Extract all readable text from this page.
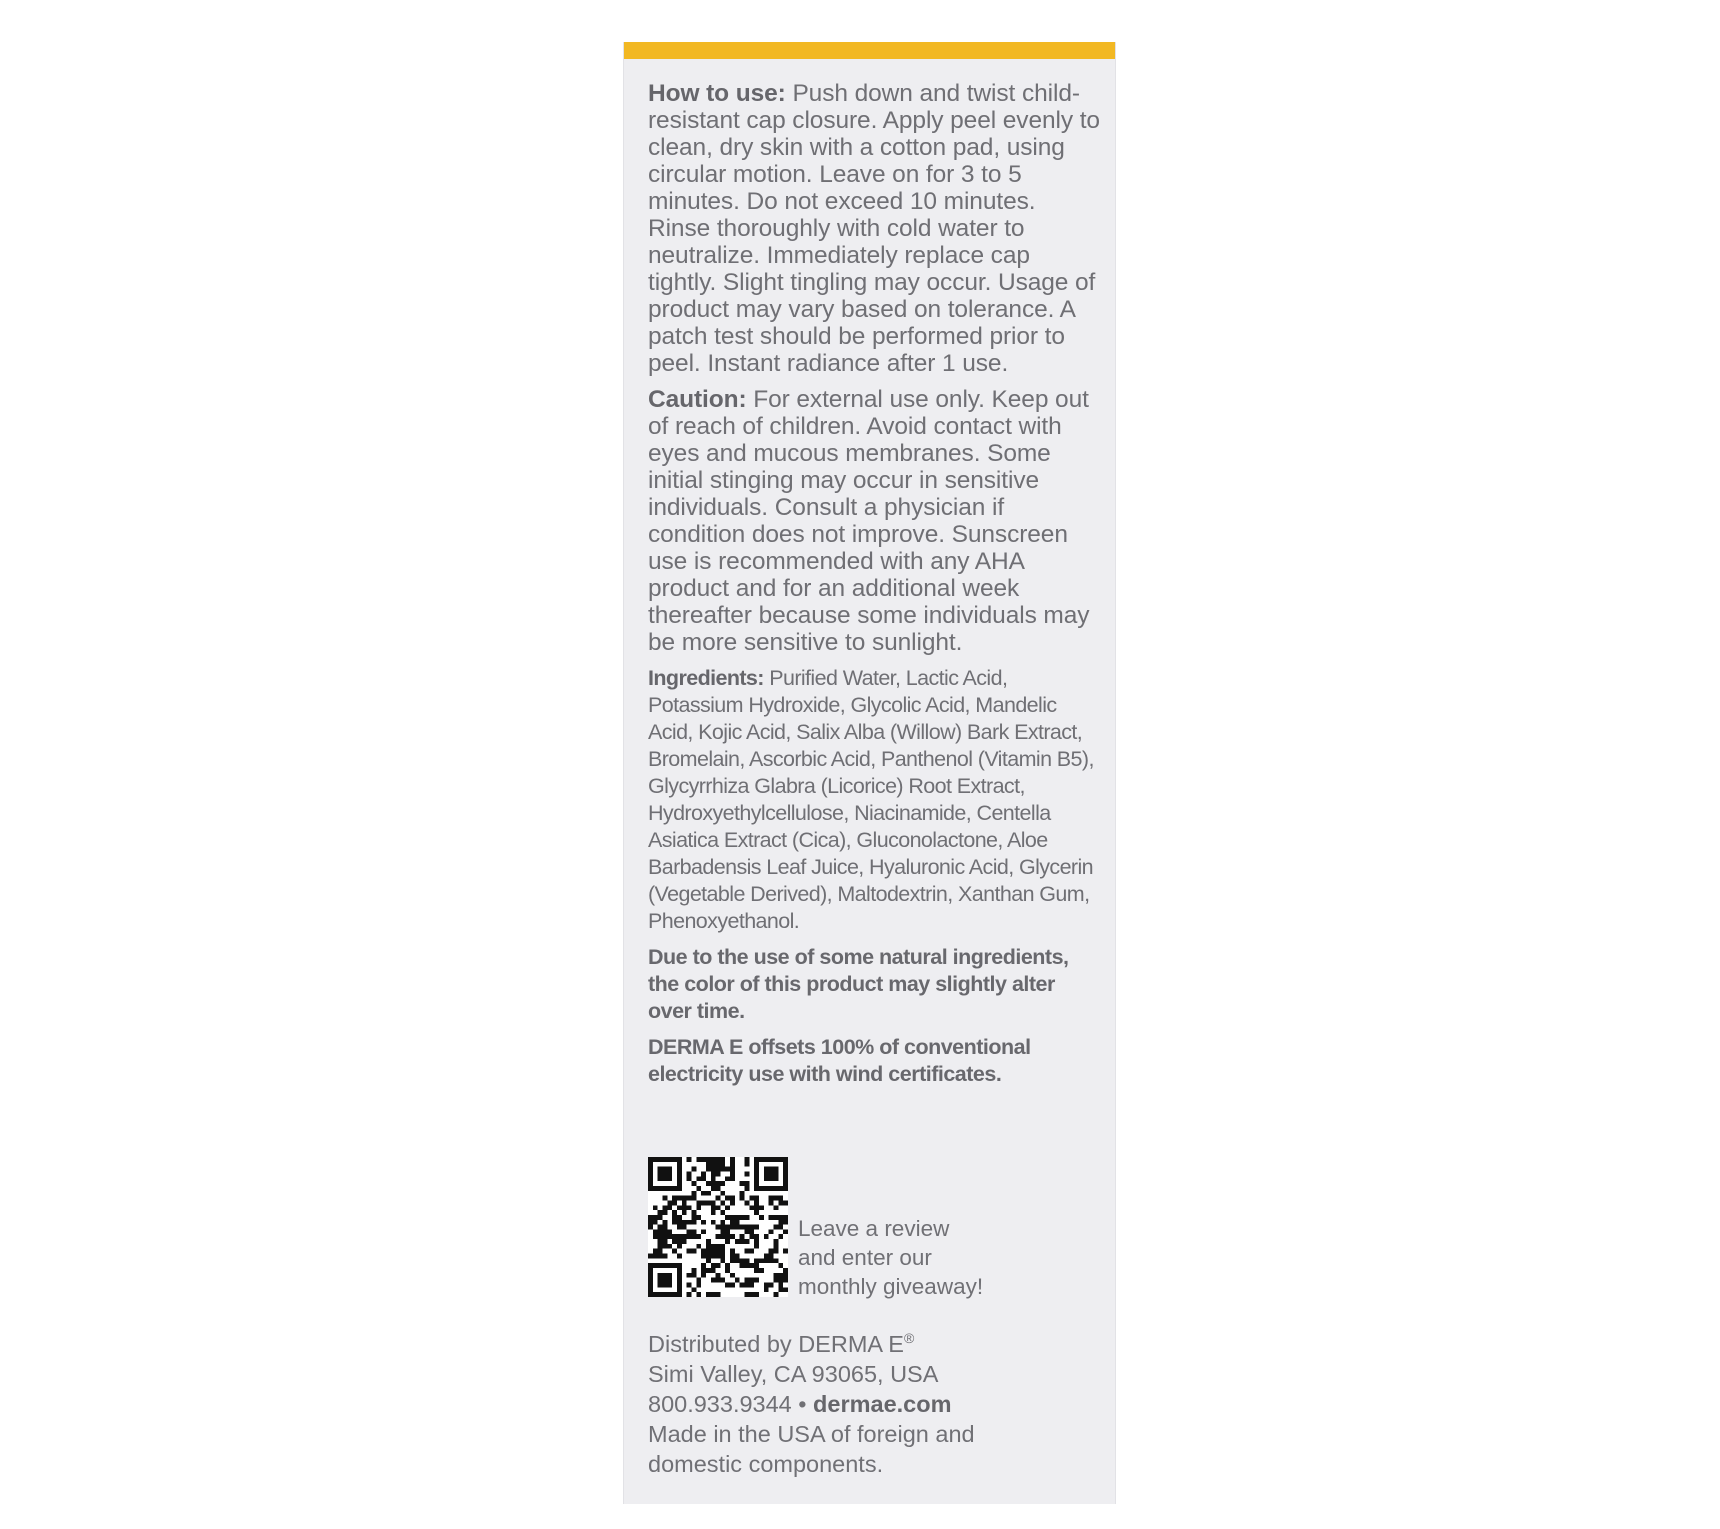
How to use: Push down and twist child-resistant cap closure. Apply peel evenly to clean, dry skin with a cotton pad, using circular motion. Leave on for 3 to 5 minutes. Do not exceed 10 minutes. Rinse thoroughly with cold water to neutralize. Immediately replace cap tightly. Slight tingling may occur. Usage of product may vary based on tolerance. A patch test should be performed prior to peel. Instant radiance after 1 use.

Caution: For external use only. Keep out of reach of children. Avoid contact with eyes and mucous membranes. Some initial stinging may occur in sensitive individuals. Consult a physician if condition does not improve. Sunscreen use is recommended with any AHA product and for an additional week thereafter because some individuals may be more sensitive to sunlight.

Ingredients: Purified Water, Lactic Acid, Potassium Hydroxide, Glycolic Acid, Mandelic Acid, Kojic Acid, Salix Alba (Willow) Bark Extract, Bromelain, Ascorbic Acid, Panthenol (Vitamin B5), Glycyrrhiza Glabra (Licorice) Root Extract, Hydroxyethylcellulose, Niacinamide, Centella Asiatica Extract (Cica), Gluconolactone, Aloe Barbadensis Leaf Juice, Hyaluronic Acid, Glycerin (Vegetable Derived), Maltodextrin, Xanthan Gum, Phenoxyethanol.

Due to the use of some natural ingredients, the color of this product may slightly alter over time.

DERMA E offsets 100% of conventional electricity use with wind certificates.

Leave a review
and enter our
monthly giveaway!
Distributed by DERMA E®
Simi Valley, CA 93065, USA
800.933.9344 • dermae.com
Made in the USA of foreign and
domestic components.
